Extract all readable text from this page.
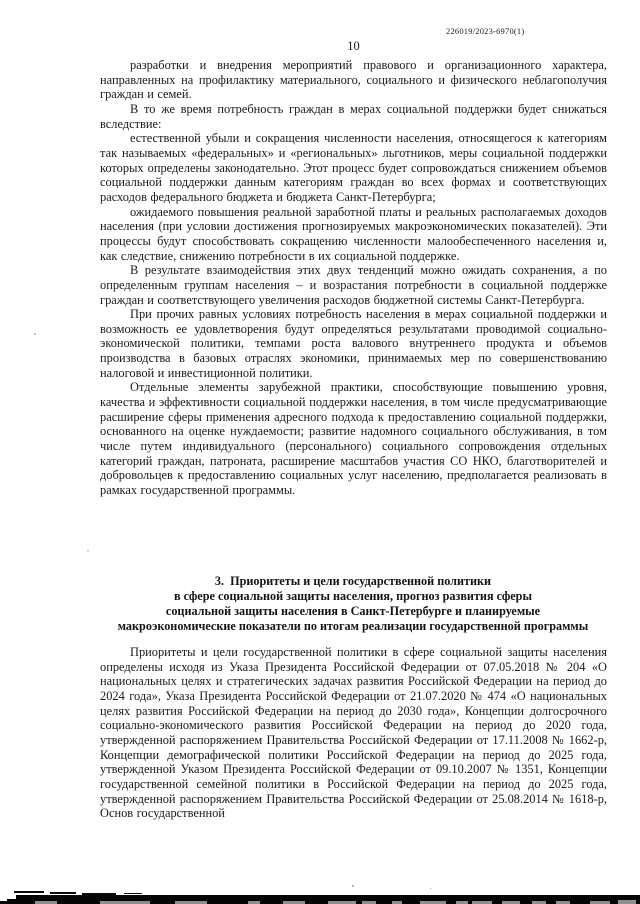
226019/2023-6970(1)
10

разработки и внедрения мероприятий правового и организационного характера, направленных на профилактику материального, социального и физического неблагополучия граждан и семей.

В то же время потребность граждан в мерах социальной поддержки будет снижаться вследствие:

естественной убыли и сокращения численности населения, относящегося к категориям так называемых «федеральных» и «региональных» льготников, меры социальной поддержки которых определены законодательно. Этот процесс будет сопровождаться снижением объемов социальной поддержки данным категориям граждан во всех формах и соответствующих расходов федерального бюджета и бюджета Санкт-Петербурга;

ожидаемого повышения реальной заработной платы и реальных располагаемых доходов населения (при условии достижения прогнозируемых макроэкономических показателей). Эти процессы будут способствовать сокращению численности малообеспеченного населения и, как следствие, снижению потребности в их социальной поддержке.

В результате взаимодействия этих двух тенденций можно ожидать сохранения, а по определенным группам населения – и возрастания потребности в социальной поддержке граждан и соответствующего увеличения расходов бюджетной системы Санкт-Петербурга.

При прочих равных условиях потребность населения в мерах социальной поддержки и возможность ее удовлетворения будут определяться результатами проводимой социально-экономической политики, темпами роста валового внутреннего продукта и объемов производства в базовых отраслях экономики, принимаемых мер по совершенствованию налоговой и инвестиционной политики.

Отдельные элементы зарубежной практики, способствующие повышению уровня, качества и эффективности социальной поддержки населения, в том числе предусматривающие расширение сферы применения адресного подхода к предоставлению социальной поддержки, основанного на оценке нуждаемости; развитие надомного социального обслуживания, в том числе путем индивидуального (персонального) социального сопровождения отдельных категорий граждан, патроната, расширение масштабов участия СО НКО, благотворителей и добровольцев к предоставлению социальных услуг населению, предполагается реализовать в рамках государственной программы.

3.  Приоритеты и цели государственной политики
в сфере социальной защиты населения, прогноз развития сферы
социальной защиты населения в Санкт-Петербурге и планируемые
макроэкономические показатели по итогам реализации государственной программы

Приоритеты и цели государственной политики в сфере социальной защиты населения определены исходя из Указа Президента Российской Федерации от 07.05.2018 № 204 «О национальных целях и стратегических задачах развития Российской Федерации на период до 2024 года», Указа Президента Российской Федерации от 21.07.2020 № 474 «О национальных целях развития Российской Федерации на период до 2030 года», Концепции долгосрочного социально-экономического развития Российской Федерации на период до 2020 года, утвержденной распоряжением Правительства Российской Федерации от 17.11.2008 № 1662-р, Концепции демографической политики Российской Федерации на период до 2025 года, утвержденной Указом Президента Российской Федерации от 09.10.2007 № 1351, Концепции государственной семейной политики в Российской Федерации на период до 2025 года, утвержденной распоряжением Правительства Российской Федерации от 25.08.2014 № 1618-р, Основ государственной
